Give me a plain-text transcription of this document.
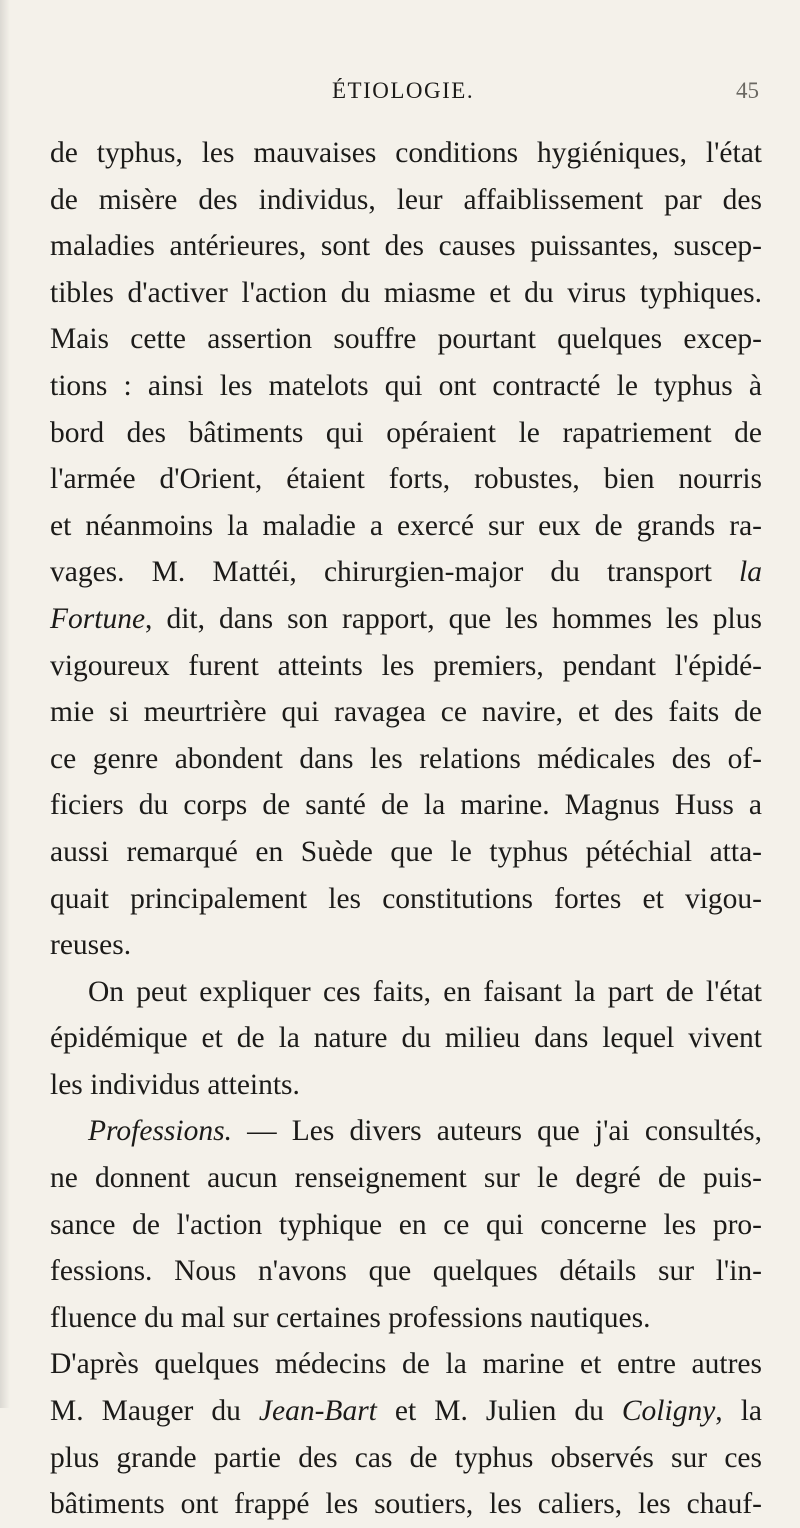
ÉTIOLOGIE.	45
de typhus, les mauvaises conditions hygiéniques, l'état
de misère des individus, leur affaiblissement par des
maladies antérieures, sont des causes puissantes, suscep-
tibles d'activer l'action du miasme et du virus typhiques.
Mais cette assertion souffre pourtant quelques excep-
tions : ainsi les matelots qui ont contracté le typhus à
bord des bâtiments qui opéraient le rapatriement de
l'armée d'Orient, étaient forts, robustes, bien nourris
et néanmoins la maladie a exercé sur eux de grands ra-
vages. M. Mattéi, chirurgien-major du transport la
Fortune, dit, dans son rapport, que les hommes les plus
vigoureux furent atteints les premiers, pendant l'épidé-
mie si meurtrière qui ravagea ce navire, et des faits de
ce genre abondent dans les relations médicales des of-
ficiers du corps de santé de la marine. Magnus Huss a
aussi remarqué en Suède que le typhus pétéchial atta-
quait principalement les constitutions fortes et vigou-
reuses.
On peut expliquer ces faits, en faisant la part de l'état
épidémique et de la nature du milieu dans lequel vivent
les individus atteints.
Professions. — Les divers auteurs que j'ai consultés,
ne donnent aucun renseignement sur le degré de puis-
sance de l'action typhique en ce qui concerne les pro-
fessions. Nous n'avons que quelques détails sur l'in-
fluence du mal sur certaines professions nautiques.
D'après quelques médecins de la marine et entre autres
M. Mauger du Jean-Bart et M. Julien du Coligny, la
plus grande partie des cas de typhus observés sur ces
bâtiments ont frappé les soutiers, les caliers, les chauf-
